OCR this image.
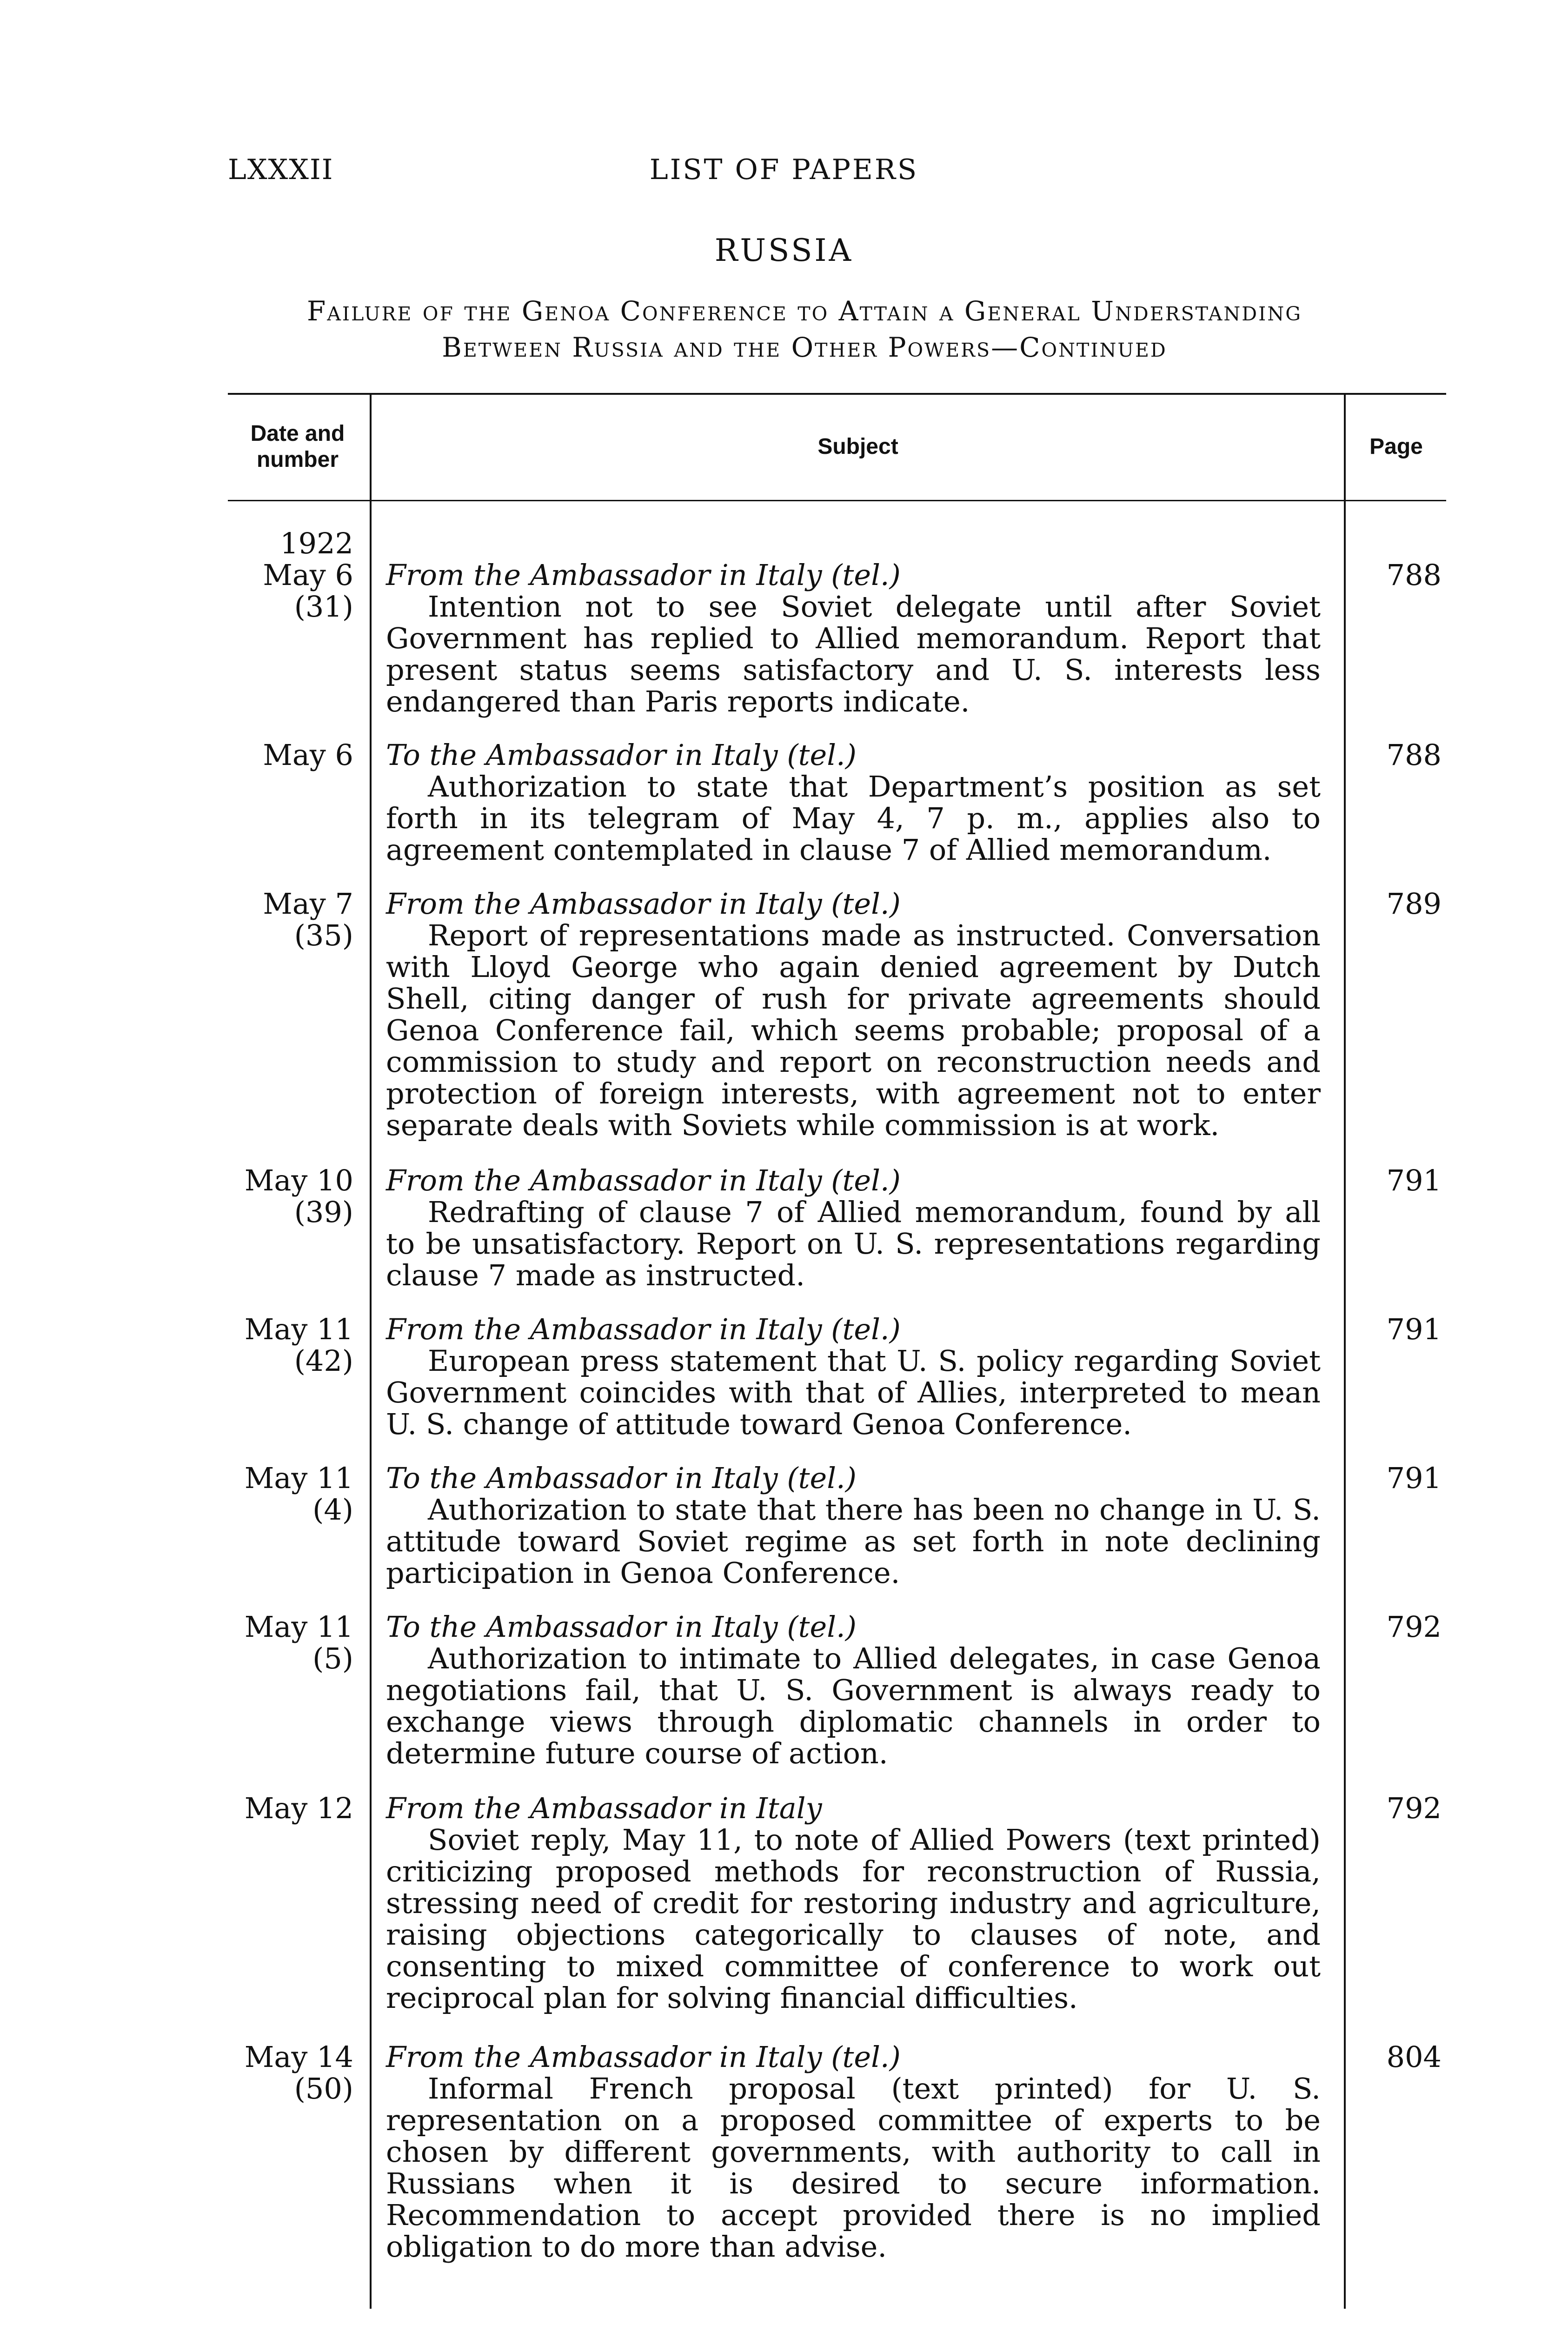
LXXXII	LIST OF PAPERS
RUSSIA
Failure of the Genoa Conference to Attain a General Understanding
Between Russia and the Other Powers—Continued
Date and number
Subject	Page
1922
May 6
(31)
From the Ambassador in Italy (tel.)
Intention not to see Soviet delegate until after Soviet Government has replied to Allied memorandum. Report that present status seems satisfactory and U. S. interests less endangered than Paris reports indicate.
788
May 6 To the Ambassador in Italy (tel.)
Authorization to state that Department’s position as set forth in its telegram of May 4, 7 p. m., applies also to agreement contemplated in clause 7 of Allied memorandum.
788
May 7
(35)
From the Ambassador in Italy (tel.)
Report of representations made as instructed. Conversation with Lloyd George who again denied agreement by Dutch Shell, citing danger of rush for private agreements should Genoa Conference fail, which seems probable; proposal of a commission to study and report on reconstruction needs and protection of foreign interests, with agreement not to enter separate deals with Soviets while commission is at work.
789
May 10
(39)
From the Ambassador in Italy (tel.)
Redrafting of clause 7 of Allied memorandum, found by all to be unsatisfactory. Report on U. S. representations regarding clause 7 made as instructed.
791
May 11
(42)
From the Ambassador in Italy (tel.)
European press statement that U. S. policy regarding Soviet Government coincides with that of Allies, interpreted to mean U. S. change of attitude toward Genoa Conference.
791
May 11
(4)
To the Ambassador in Italy (tel.)
Authorization to state that there has been no change in U. S. attitude toward Soviet regime as set forth in note declining participation in Genoa Conference.
791
May 11
(5)
To the Ambassador in Italy (tel.)
Authorization to intimate to Allied delegates, in case Genoa negotiations fail, that U. S. Government is always ready to exchange views through diplomatic channels in order to determine future course of action.
792
May 12 From the Ambassador in Italy
Soviet reply, May 11, to note of Allied Powers (text printed) criticizing proposed methods for reconstruction of Russia, stressing need of credit for restoring industry and agriculture, raising objections categorically to clauses of note, and consenting to mixed committee of conference to work out reciprocal plan for solving financial difficulties.
792
May 14
(50)
From the Ambassador in Italy (tel.)
Informal French proposal (text printed) for U. S. representation on a proposed committee of experts to be chosen by different governments, with authority to call in Russians when it is desired to secure information. Recommendation to accept provided there is no implied obligation to do more than advise.
804
